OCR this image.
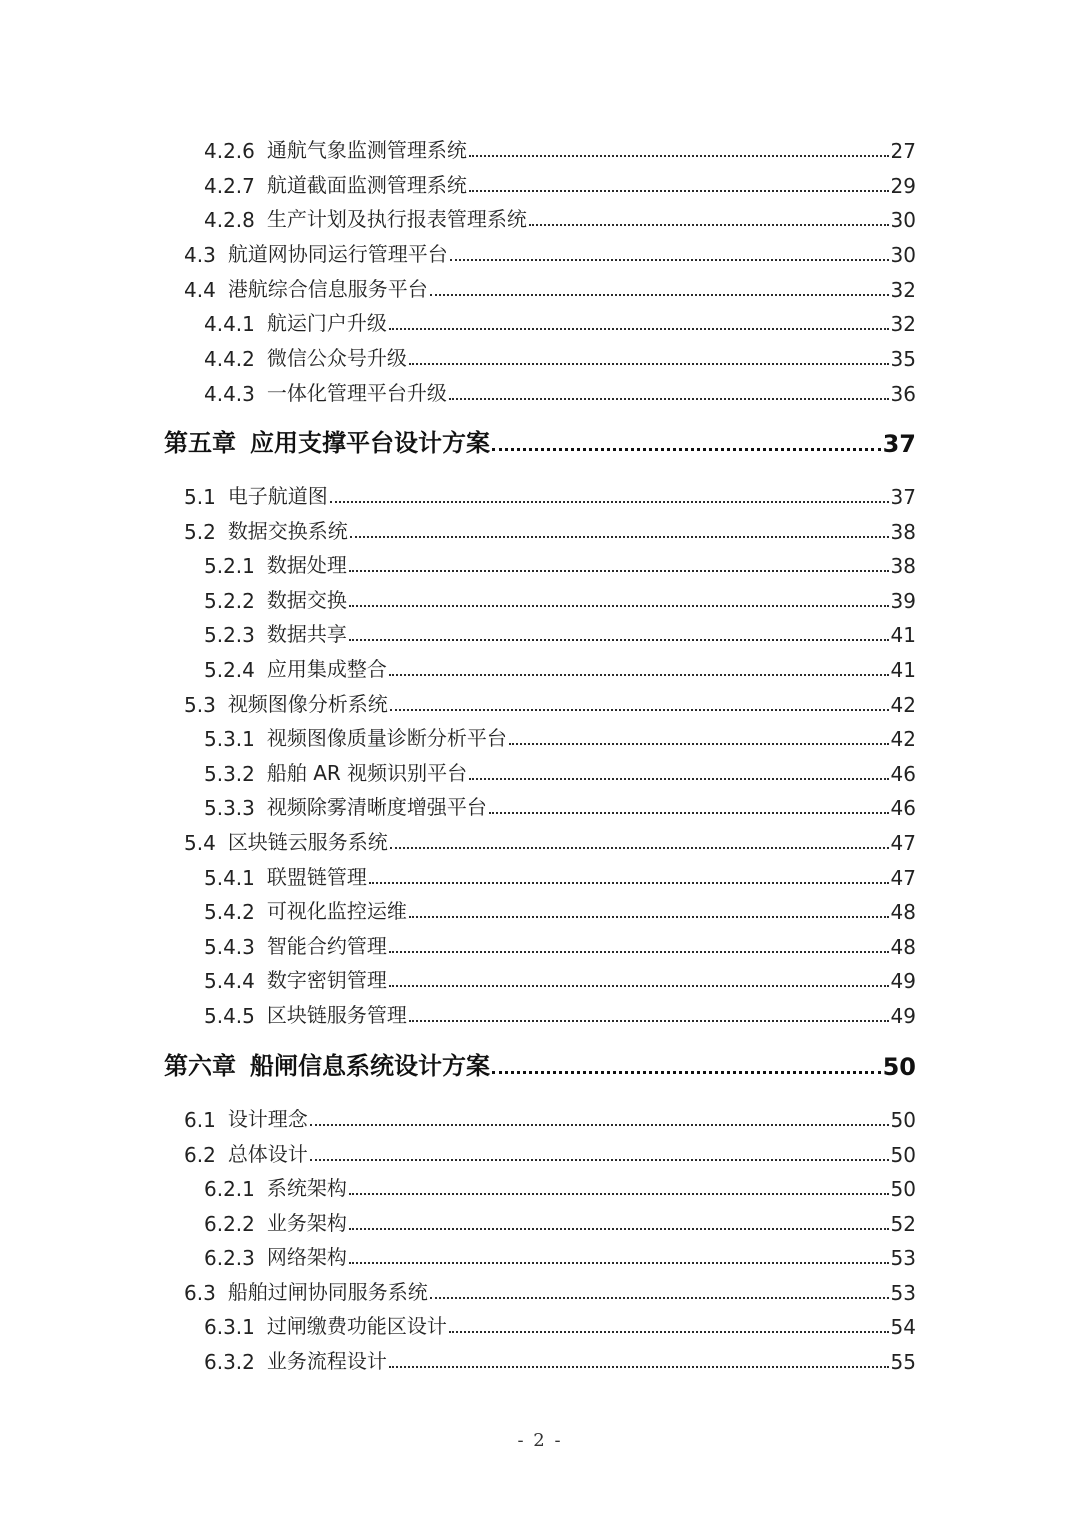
4.2.6 通航气象监测管理系统	27
4.2.7 航道截面监测管理系统	29
4.2.8 生产计划及执行报表管理系统	30
4.3 航道网协同运行管理平台	30
4.4 港航综合信息服务平台	32
4.4.1 航运门户升级	32
4.4.2 微信公众号升级	35
4.4.3 一体化管理平台升级	36
第五章 应用支撑平台设计方案	37
5.1 电子航道图	37
5.2 数据交换系统	38
5.2.1 数据处理	38
5.2.2 数据交换	39
5.2.3 数据共享	41
5.2.4 应用集成整合	41
5.3 视频图像分析系统	42
5.3.1 视频图像质量诊断分析平台	42
5.3.2 船舶 AR 视频识别平台	46
5.3.3 视频除雾清晰度增强平台	46
5.4 区块链云服务系统	47
5.4.1 联盟链管理	47
5.4.2 可视化监控运维	48
5.4.3 智能合约管理	48
5.4.4 数字密钥管理	49
5.4.5 区块链服务管理	49
第六章 船闸信息系统设计方案	50
6.1 设计理念	50
6.2 总体设计	50
6.2.1 系统架构	50
6.2.2 业务架构	52
6.2.3 网络架构	53
6.3 船舶过闸协同服务系统	53
6.3.1 过闸缴费功能区设计	54
6.3.2 业务流程设计	55
- 2 -
